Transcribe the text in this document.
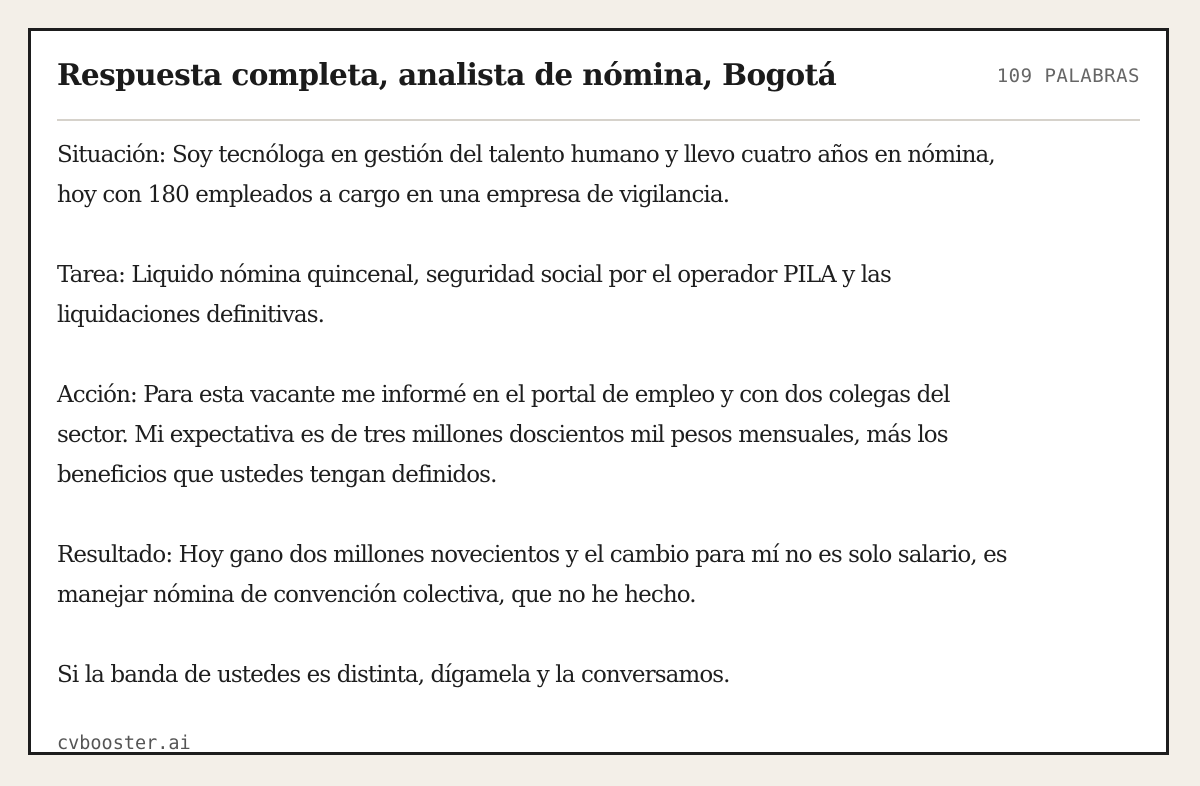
Respuesta completa, analista de nómina, Bogotá	109 PALABRAS

Situación: Soy tecnóloga en gestión del talento humano y llevo cuatro años en nómina, hoy con 180 empleados a cargo en una empresa de vigilancia.

Tarea: Liquido nómina quincenal, seguridad social por el operador PILA y las liquidaciones definitivas.

Acción: Para esta vacante me informé en el portal de empleo y con dos colegas del sector. Mi expectativa es de tres millones doscientos mil pesos mensuales, más los beneficios que ustedes tengan definidos.

Resultado: Hoy gano dos millones novecientos y el cambio para mí no es solo salario, es manejar nómina de convención colectiva, que no he hecho.

Si la banda de ustedes es distinta, dígamela y la conversamos.

cvbooster.ai
